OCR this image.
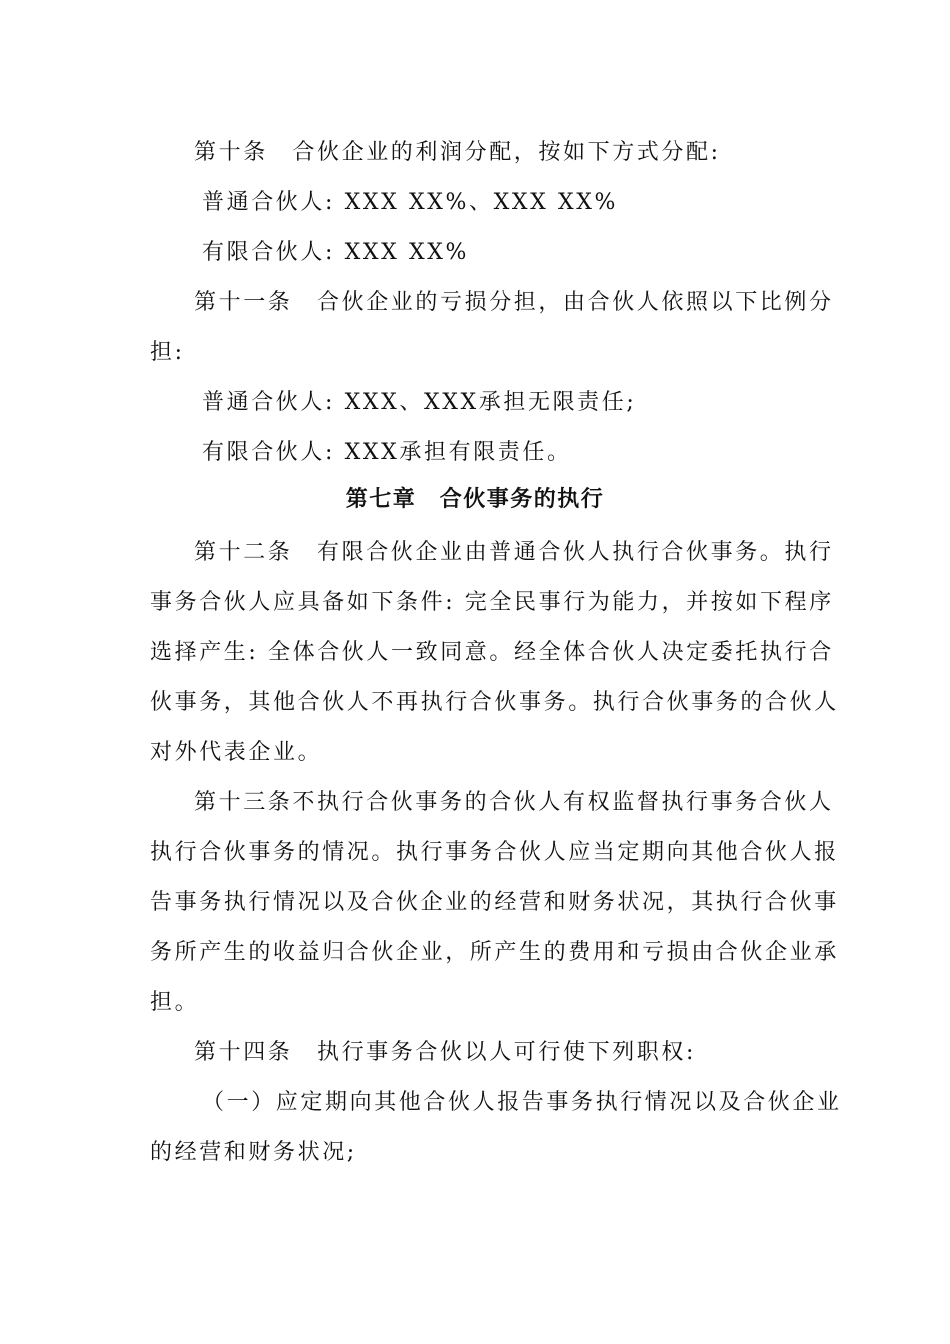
第十条　合伙企业的利润分配，按如下方式分配:
普通合伙人: XXX XX%、XXX XX%
有限合伙人: XXX XX%
第十一条　合伙企业的亏损分担，由合伙人依照以下比例分
担:
普通合伙人: XXX、XXX承担无限责任;
有限合伙人: XXX承担有限责任。
第七章　合伙事务的执行
第十二条　有限合伙企业由普通合伙人执行合伙事务。执行
事务合伙人应具备如下条件: 完全民事行为能力，并按如下程序
选择产生: 全体合伙人一致同意。经全体合伙人决定委托执行合
伙事务，其他合伙人不再执行合伙事务。执行合伙事务的合伙人
对外代表企业。
第十三条不执行合伙事务的合伙人有权监督执行事务合伙人
执行合伙事务的情况。执行事务合伙人应当定期向其他合伙人报
告事务执行情况以及合伙企业的经营和财务状况，其执行合伙事
务所产生的收益归合伙企业，所产生的费用和亏损由合伙企业承
担。
第十四条　执行事务合伙以人可行使下列职权:
（一）应定期向其他合伙人报告事务执行情况以及合伙企业
的经营和财务状况;
